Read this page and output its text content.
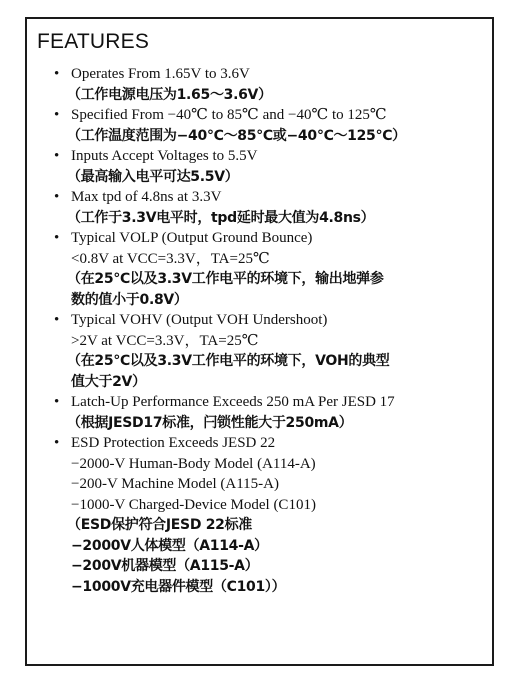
FEATURES
• Operates From 1.65V to 3.6V
（工作电源电压为1.65～3.6V）
• Specified From −40℃ to 85℃ and −40℃ to 125℃
（工作温度范围为−40℃～85℃或−40℃～125℃）
• Inputs Accept Voltages to 5.5V
（最高输入电平可达5.5V）
• Max tpd of 4.8ns at 3.3V
（工作于3.3V电平时，tpd延时最大值为4.8ns）
• Typical VOLP (Output Ground Bounce)
<0.8V at VCC=3.3V，TA=25℃
（在25℃以及3.3V工作电平的环境下，输出地弹参
数的值小于0.8V）
• Typical VOHV (Output VOH Undershoot)
>2V at VCC=3.3V，TA=25℃
（在25℃以及3.3V工作电平的环境下，VOH的典型
值大于2V）
• Latch-Up Performance Exceeds 250 mA Per JESD 17
（根据JESD17标准，闩锁性能大于250mA）
• ESD Protection Exceeds JESD 22
−2000-V Human-Body Model (A114-A)
−200-V Machine Model (A115-A)
−1000-V Charged-Device Model (C101)
（ESD保护符合JESD 22标准
−2000V人体模型（A114-A）
−200V机器模型（A115-A）
−1000V充电器件模型（C101））
